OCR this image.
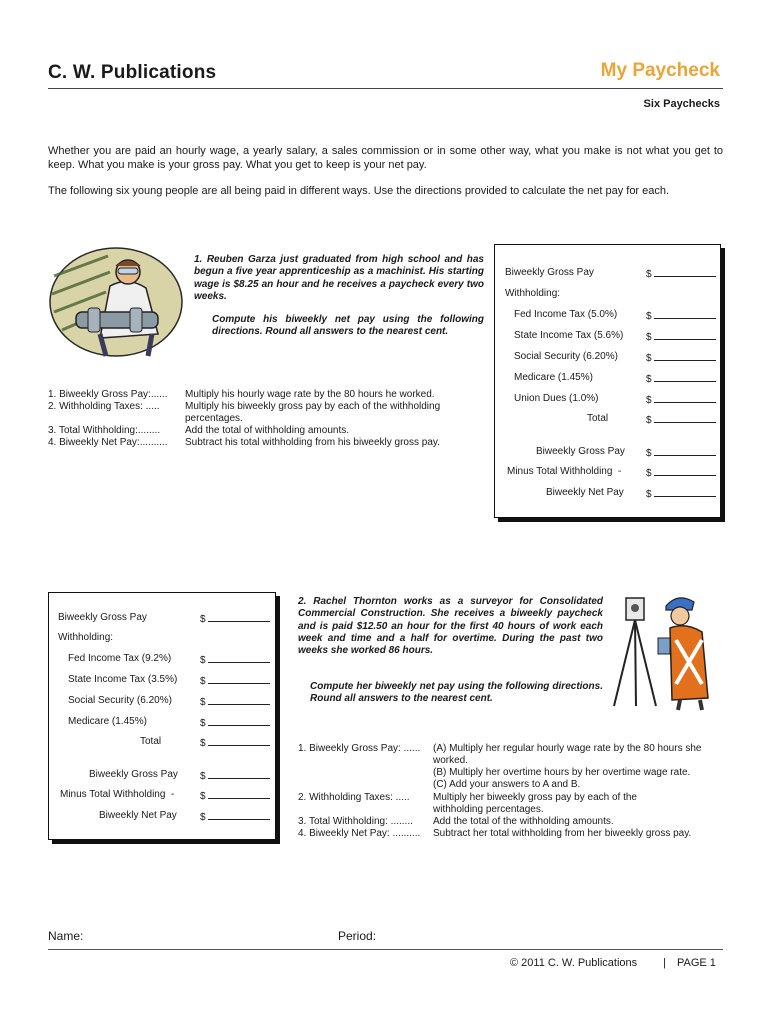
C. W. Publications	My Paycheck
Six Paychecks
Whether you are paid an hourly wage, a yearly salary, a sales commission or in some other way, what you make is not what you get to keep. What you make is your gross pay. What you get to keep is your net pay.
The following six young people are all being paid in different ways. Use the directions provided to calculate the net pay for each.
1. Reuben Garza just graduated from high school and has begun a five year apprenticeship as a machinist. His starting wage is $8.25 an hour and he receives a paycheck every two weeks.
Compute his biweekly net pay using the following directions. Round all answers to the nearest cent.
1. Biweekly Gross Pay:...... Multiply his hourly wage rate by the 80 hours he worked.
2. Withholding Taxes: .....	Multiply his biweekly gross pay by each of the withholding percentages.
3. Total Withholding:........ Add the total of withholding amounts.
4. Biweekly Net Pay:.......... Subtract his total withholding from his biweekly gross pay.
Biweekly Gross Pay	$
Withholding:
Fed Income Tax (5.0%)	$
State Income Tax (5.6%) $
Social Security (6.20%)	$
Medicare (1.45%)	$
Union Dues (1.0%)	$
Total	$
Biweekly Gross Pay $
Minus Total Withholding - $
Biweekly Net Pay $
Biweekly Gross Pay	$
Withholding:
Fed Income Tax (9.2%)	$
State Income Tax (3.5%) $
Social Security (6.20%)	$
Medicare (1.45%)	$
Total	$
Biweekly Gross Pay $
Minus Total Withholding -	$
Biweekly Net Pay $
2. Rachel Thornton works as a surveyor for Consolidated Commercial Construction. She receives a biweekly paycheck and is paid $12.50 an hour for the first 40 hours of work each week and time and a half for overtime. During the past two weeks she worked 86 hours.
Compute her biweekly net pay using the following directions. Round all answers to the nearest cent.
1. Biweekly Gross Pay: ...... (A) Multiply her regular hourly wage rate by the 80 hours she worked.
(B) Multiply her overtime hours by her overtime wage rate.
(C) Add your answers to A and B.
2. Withholding Taxes: ..... Multiply her biweekly gross pay by each of the withholding percentages.
3. Total Withholding: ........ Add the total of the withholding amounts.
4. Biweekly Net Pay: .......... Subtract her total withholding from her biweekly gross pay.
Name:	Period:
© 2011 C. W. Publications | PAGE 1
